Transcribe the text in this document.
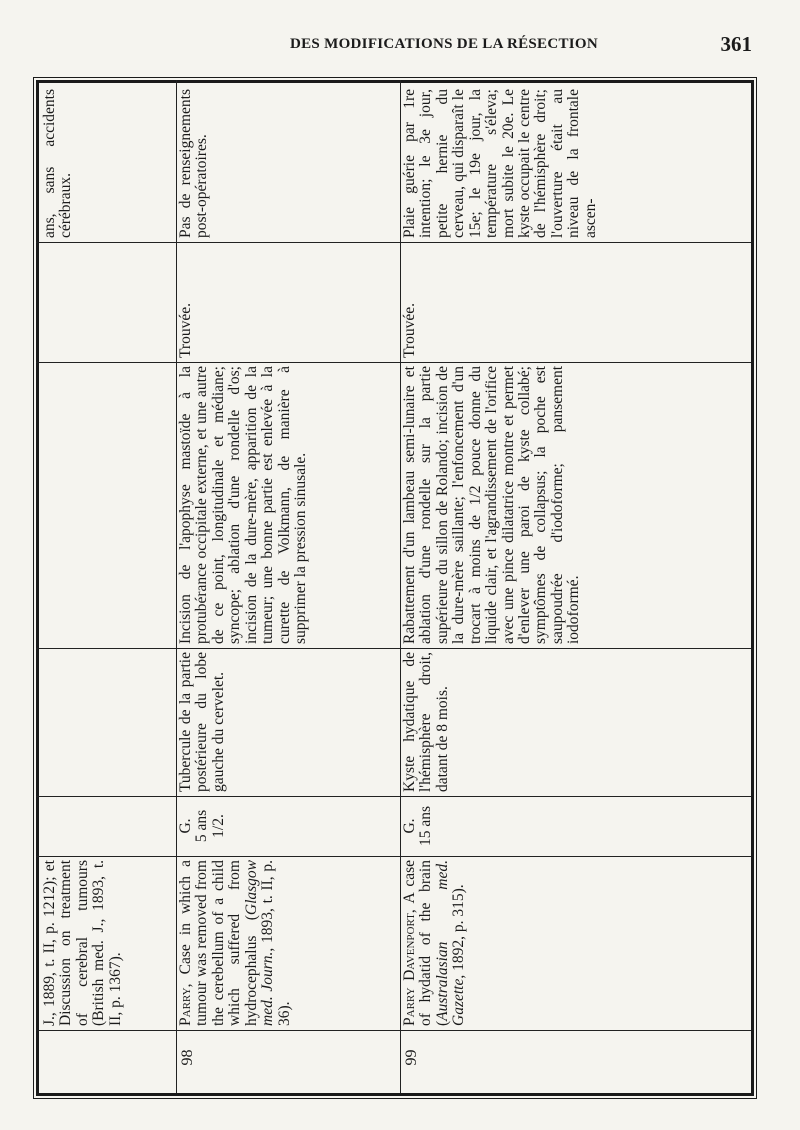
DES MODIFICATIONS DE LA RÉSECTION	361
J., 1889, t. II, p. 1212); et Discussion on treatment of cerebral tumours (British med. J., 1893, t. II, p. 1367).
ans, sans accidents cérébraux.
98
Parry, Case in which a tumour was removed from the cerebellum of a child which suffered from hydrocephalus (Glasgow med. Journ., 1893, t. II, p. 36).
G. 5 ans 1/2.
Tubercule de la partie postérieure du lobe gauche du cervelet.
Incision de l'apophyse mastoïde à la protubérance occipitale externe, et une autre de ce point, longitudinale et médiane; syncope; ablation d'une rondelle d'os; incision de la dure-mère, apparition de la tumeur; une bonne partie est enlevée à la curette de Volkmann, de manière à supprimer la pression sinusale.
Trouvée.
Pas de renseignements post-opératoires.
99
Parry Davenport, A case of hydatid of the brain (Australasian med. Gazette, 1892, p. 315).
G. 15 ans
Kyste hydatique de l'hémisphère droit, datant de 8 mois.
Rabattement d'un lambeau semi-lunaire et ablation d'une rondelle sur la partie supérieure du sillon de Rolando; incision de la dure-mère saillante; l'enfoncement d'un trocart à moins de 1/2 pouce donne du liquide clair, et l'agrandissement de l'orifice avec une pince dilatatrice montre et permet d'enlever une paroi de kyste collabé; symptômes de collapsus; la poche est saupoudrée d'iodoforme; pansement iodoformé.
Trouvée.
Plaie guérie par 1re intention; le 3e jour, petite hernie du cerveau, qui disparaît le 15e; le 19e jour, la température s'éleva; mort subite le 20e. Le kyste occupait le centre de l'hémisphère droit; l'ouverture était au niveau de la frontale ascen-
